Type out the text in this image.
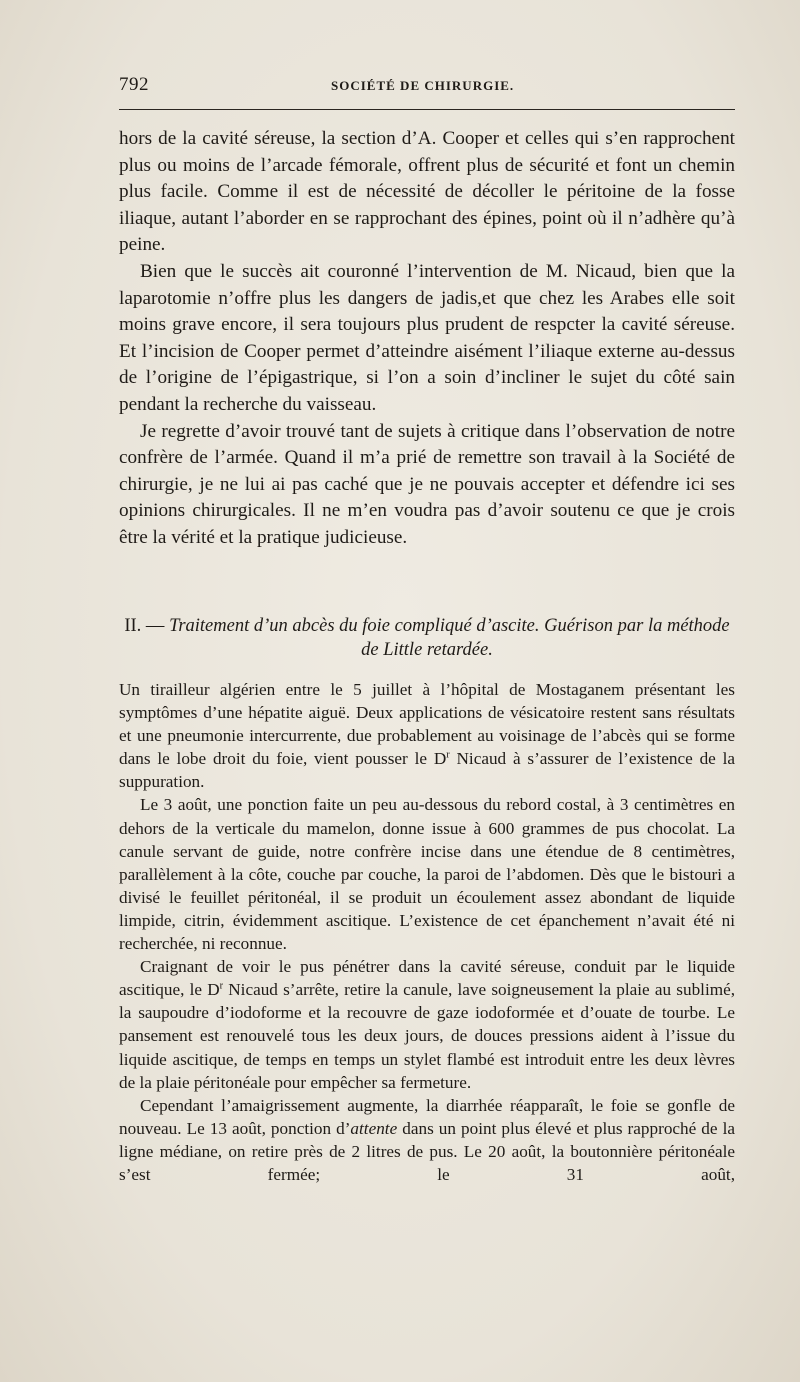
792	SOCIÉTÉ DE CHIRURGIE.

hors de la cavité séreuse, la section d’A. Cooper et celles qui s’en rapprochent plus ou moins de l’arcade fémorale, offrent plus de sécurité et font un chemin plus facile. Comme il est de nécessité de décoller le péritoine de la fosse iliaque, autant l’aborder en se rapprochant des épines, point où il n’adhère qu’à peine.

Bien que le succès ait couronné l’intervention de M. Nicaud, bien que la laparotomie n’offre plus les dangers de jadis,et que chez les Arabes elle soit moins grave encore, il sera toujours plus prudent de respcter la cavité séreuse. Et l’incision de Cooper permet d’atteindre aisément l’iliaque externe au-dessus de l’origine de l’épigastrique, si l’on a soin d’incliner le sujet du côté sain pendant la recherche du vaisseau.

Je regrette d’avoir trouvé tant de sujets à critique dans l’observation de notre confrère de l’armée. Quand il m’a prié de remettre son travail à la Société de chirurgie, je ne lui ai pas caché que je ne pouvais accepter et défendre ici ses opinions chirurgicales. Il ne m’en voudra pas d’avoir soutenu ce que je crois être la vérité et la pratique judicieuse.

II. — Traitement d’un abcès du foie compliqué d’ascite. Guérison par la méthode de Little retardée.

Un tirailleur algérien entre le 5 juillet à l’hôpital de Mostaganem présentant les symptômes d’une hépatite aiguë. Deux applications de vésicatoire restent sans résultats et une pneumonie intercurrente, due probablement au voisinage de l’abcès qui se forme dans le lobe droit du foie, vient pousser le $D^r$ Nicaud à s’assurer de l’existence de la suppuration.

Le 3 août, une ponction faite un peu au-dessous du rebord costal, à 3 centimètres en dehors de la verticale du mamelon, donne issue à 600 grammes de pus chocolat. La canule servant de guide, notre confrère incise dans une étendue de 8 centimètres, parallèlement à la côte, couche par couche, la paroi de l’abdomen. Dès que le bistouri a divisé le feuillet péritonéal, il se produit un écoulement assez abondant de liquide limpide, citrin, évidemment ascitique. L’existence de cet épanchement n’avait été ni recherchée, ni reconnue.

Craignant de voir le pus pénétrer dans la cavité séreuse, conduit par le liquide ascitique, le $D^r$ Nicaud s’arrête, retire la canule, lave soigneusement la plaie au sublimé, la saupoudre d’iodoforme et la recouvre de gaze iodoformée et d’ouate de tourbe. Le pansement est renouvelé tous les deux jours, de douces pressions aident à l’issue du liquide ascitique, de temps en temps un stylet flambé est introduit entre les deux lèvres de la plaie péritonéale pour empêcher sa fermeture.

Cependant l’amaigrissement augmente, la diarrhée réapparaît, le foie se gonfle de nouveau. Le 13 août, ponction d’attente dans un point plus élevé et plus rapproché de la ligne médiane, on retire près de 2 litres de pus. Le 20 août, la boutonnière péritonéale s’est fermée; le 31 août,
